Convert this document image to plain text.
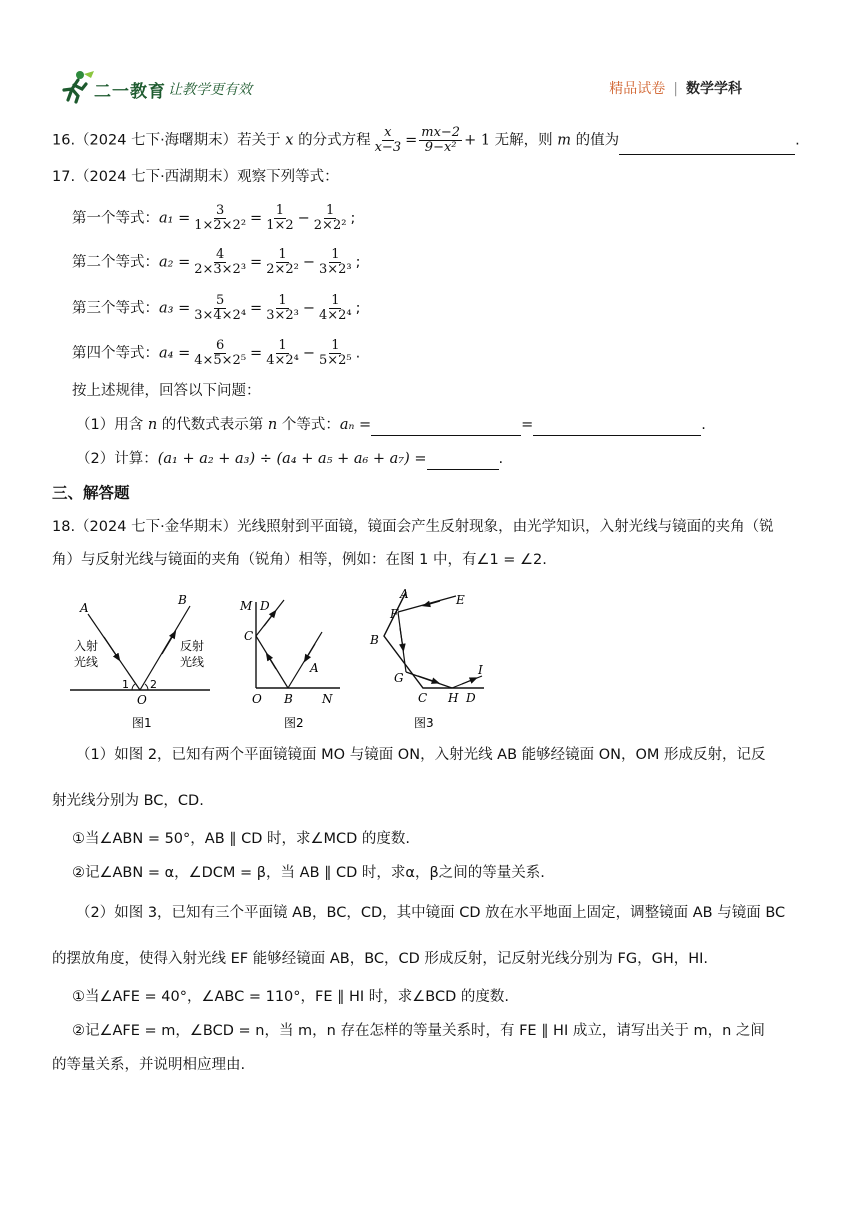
二一教育 让教学更有效	精品试卷 | 数学学科
16.（2024 七下·海曙期末）若关于 x 的分式方程 $\frac{x}{x-3} = \frac{mx-2}{\text{9−x²}} + 1$ 无解，则 m 的值为	.
17.（2024 七下·西湖期末）观察下列等式：
第一个等式：$a_1 = \frac{3}{\text{1×2×2²}} = \frac{1}{1\times 2} - \frac{1}{\text{2×2²}}$ ;
第二个等式：$a_2 = \frac{4}{\text{2×3×2³}} = \frac{1}{\text{2×2²}} - \frac{1}{\text{3×2³}}$ ;
第三个等式：$a_3 = \frac{5}{\text{3×4×2⁴}} = \frac{1}{\text{3×2³}} - \frac{1}{\text{4×2⁴}}$ ;
第四个等式：$a_4 = \frac{6}{\text{4×5×2⁵}} = \frac{1}{\text{4×2⁴}} - \frac{1}{\text{5×2⁵}}$ .
按上述规律，回答以下问题：
（1）用含 n 的代数式表示第 n 个等式：aₙ =	=	.
（2）计算：(a₁ + a₂ + a₃) ÷ (a₄ + a₅ + a₆ + a₇) =	.
三、解答题
18.（2024 七下·金华期末）光线照射到平面镜，镜面会产生反射现象，由光学知识，入射光线与镜面的夹角（锐
角）与反射光线与镜面的夹角（锐角）相等，例如：在图 1 中，有∠1 = ∠2.
A
B
O
1 2
入射
光线
反射
光线
图1
M D
C
A
O B N
图2
A	E
F
B
G
C H D
I
图3
（1）如图 2，已知有两个平面镜镜面 MO 与镜面 ON，入射光线 AB 能够经镜面 ON，OM 形成反射，记反
射光线分别为 BC，CD.
①当∠ABN = 50°，AB ∥ CD 时，求∠MCD 的度数.
②记∠ABN = α，∠DCM = β，当 AB ∥ CD 时，求α，β之间的等量关系.
（2）如图 3，已知有三个平面镜 AB，BC，CD，其中镜面 CD 放在水平地面上固定，调整镜面 AB 与镜面 BC
的摆放角度，使得入射光线 EF 能够经镜面 AB，BC，CD 形成反射，记反射光线分别为 FG，GH，HI.
①当∠AFE = 40°，∠ABC = 110°，FE ∥ HI 时，求∠BCD 的度数.
②记∠AFE = m，∠BCD = n，当 m，n 存在怎样的等量关系时，有 FE ∥ HI 成立，请写出关于 m，n 之间
的等量关系，并说明相应理由.
